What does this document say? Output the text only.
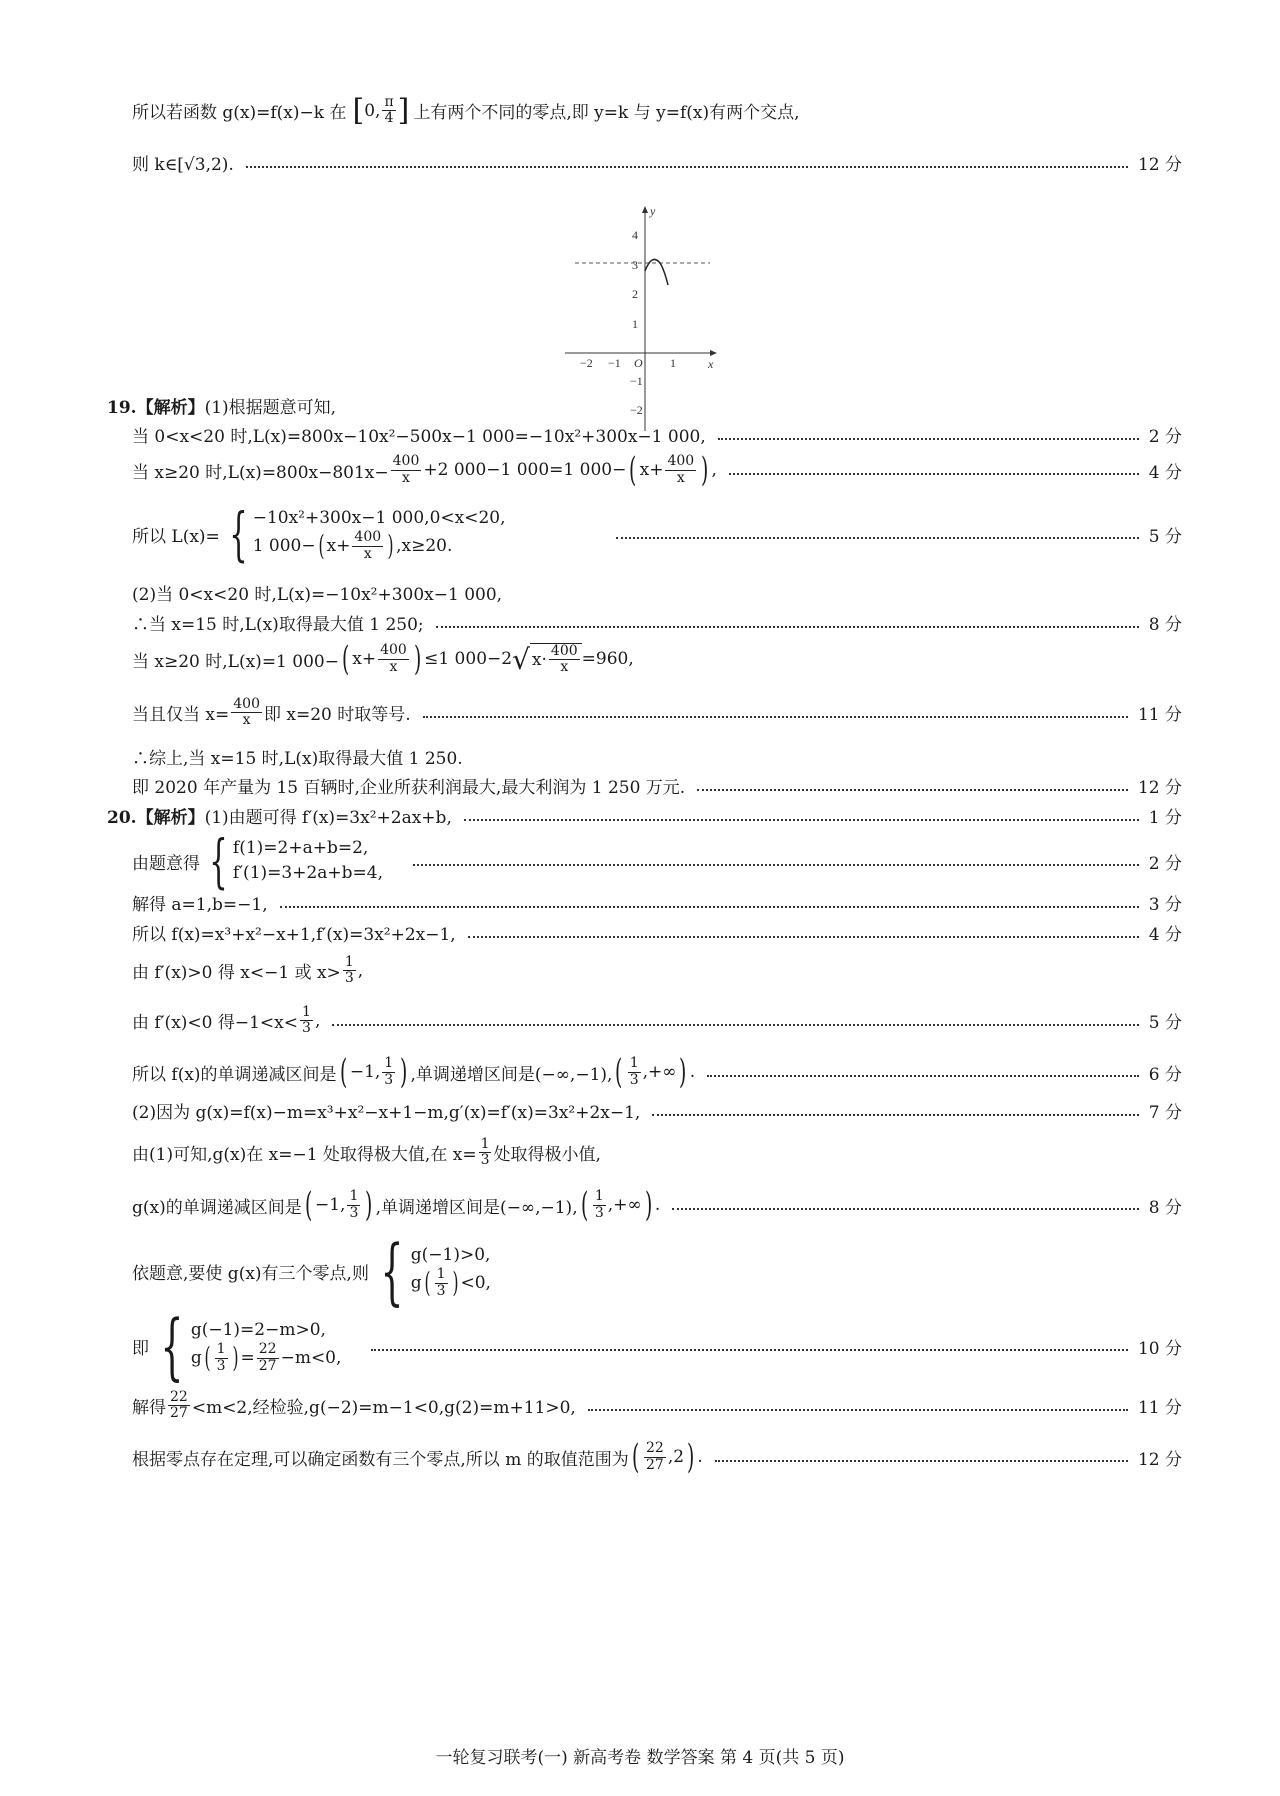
所以若函数 g(x)=f(x)−k 在 [ 0, $\frac{\pi}{4}$ ] 上有两个不同的零点,即 y=k 与 y=f(x)有两个交点,
则 k∈[√3,2).	12 分
y
x
O
4
3
2
1
−1
−2
−2 −1	1
19.【解析】 (1)根据题意可知,
当 0<x<20 时,L(x)=800x−10x²−500x−1 000=−10x²+300x−1 000,	2 分
当 x≥20 时$,L(x)=800x-801x- \frac{400}{x} +2$ 000−1 000=1 000− ( $x+ \frac{400}{x}$ ) ,	4 分
所以 L(x)= { −10x²+300x−1 000,0<x<20,
1 000− ( $x+ \frac{400}{x}$ ) ,x≥20.	5 分
(2)当 0<x<20 时,L(x)=−10x²+300x−1 000,
∴当 x=15 时,L(x)取得最大值 1 250;	8 分
当 x≥20 时,L(x)=1 000− ( $x+ \frac{400}{x}$ ) ≤1 000−2 √ $x\cdot \frac{400}{x} =960$,
当且仅当 $x= \frac{400}{x}$ 即 x=20 时取等号.	11 分
∴综上,当 x=15 时,L(x)取得最大值 1 250.
即 2020 年产量为 15 百辆时,企业所获利润最大,最大利润为 1 250 万元.	12 分
20.【解析】 (1)由题可得 f′(x)=3x²+2ax+b,	1 分
由题意得 { f(1)=2+a+b=2,
f′(1)=3+2a+b=4,	2 分
解得 a=1,b=−1,	3 分
所以 f(x)=x³+x²−x+1,f′(x)=3x²+2x−1,	4 分
由 f′(x)>0 得 x<−1 或 $x> \frac{1}{3}$ ,
由 f′(x)<0 得$-1<x< \frac{1}{3}$ ,	5 分
所以 f(x)的单调递减区间是 ( −1, $\frac{1}{3}$ ) ,单调递增区间是(−∞,−1), ( $\frac{1}{3}$ ,+∞ ) .	6 分
(2)因为 g(x)=f(x)−m=x³+x²−x+1−m,g′(x)=f′(x)=3x²+2x−1,	7 分
由(1)可知,g(x)在 x=−1 处取得极大值,在 $x= \frac{1}{3}$ 处取得极小值,
g(x)的单调递减区间是 ( −1, $\frac{1}{3}$ ) ,单调递增区间是(−∞,−1), ( $\frac{1}{3}$ ,+∞ ) .	8 分
依题意,要使 g(x)有三个零点,则 { g(−1)>0,
g ( $\frac{1}{3}$ ) <0,
即 { g(−1)=2−m>0,
g ( $\frac{1}{3}$ ) = $\frac{22}{27} -m<0$,	10 分
解得 $\frac{22}{27} <m<2$,经检验,g(−2)=m−1<0,g(2)=m+11>0,	11 分
根据零点存在定理,可以确定函数有三个零点,所以 m 的取值范围为 ( $\frac{22}{27} ,2$ ) .	12 分
一轮复习联考(一) 新高考卷 数学答案 第 4 页(共 5 页)
